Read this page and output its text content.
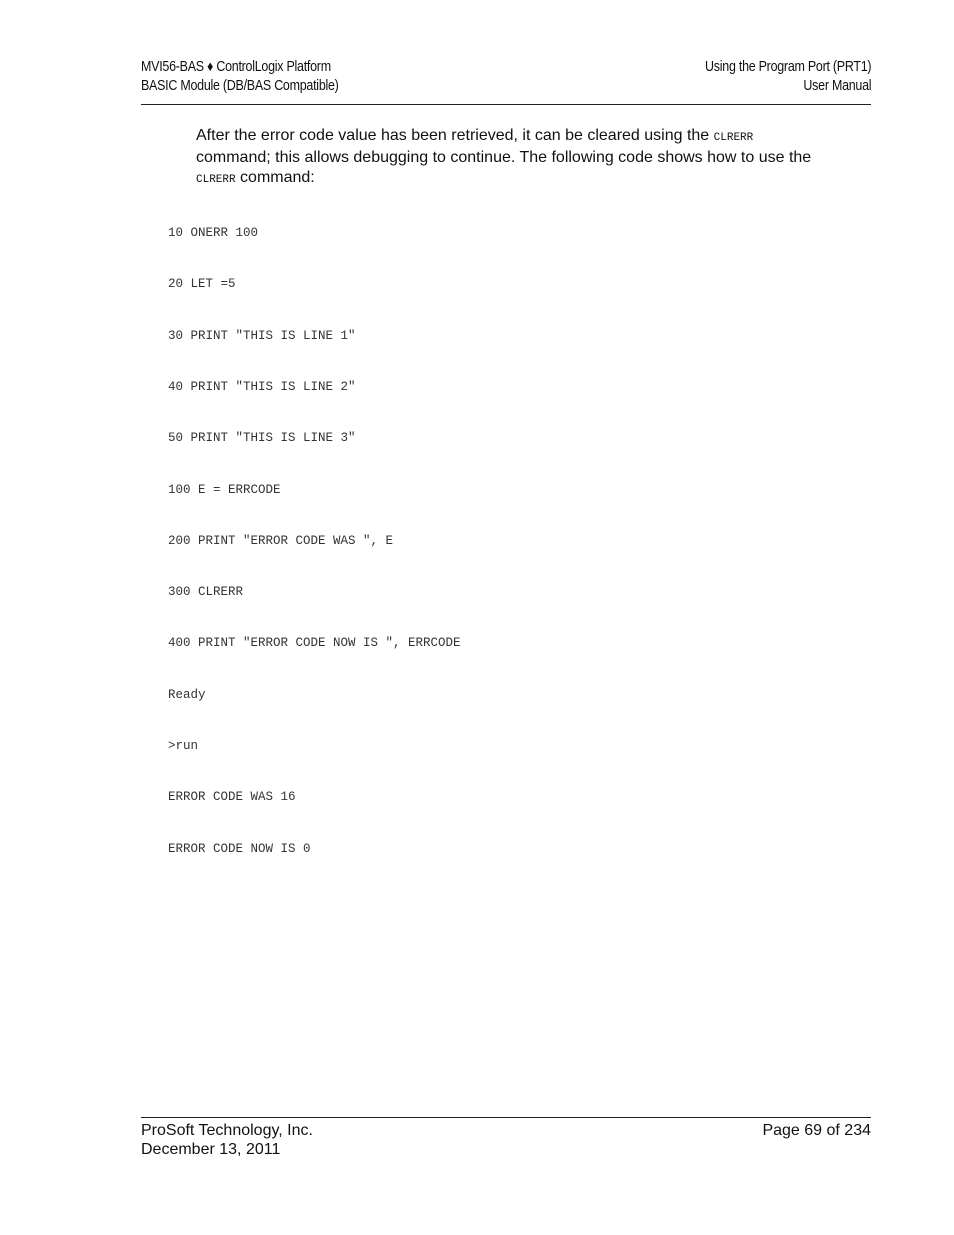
MVI56-BAS ♦ ControlLogix Platform
BASIC Module (DB/BAS Compatible)
Using the Program Port (PRT1)
User Manual
After the error code value has been retrieved, it can be cleared using the CLRERR command; this allows debugging to continue. The following code shows how to use the CLRERR command:

10 ONERR 100

20 LET =5

30 PRINT "THIS IS LINE 1"

40 PRINT "THIS IS LINE 2"

50 PRINT "THIS IS LINE 3"

100 E = ERRCODE

200 PRINT "ERROR CODE WAS ", E

300 CLRERR

400 PRINT "ERROR CODE NOW IS ", ERRCODE

Ready

>run

ERROR CODE WAS 16

ERROR CODE NOW IS 0

ProSoft Technology, Inc.
December 13, 2011
Page 69 of 234
